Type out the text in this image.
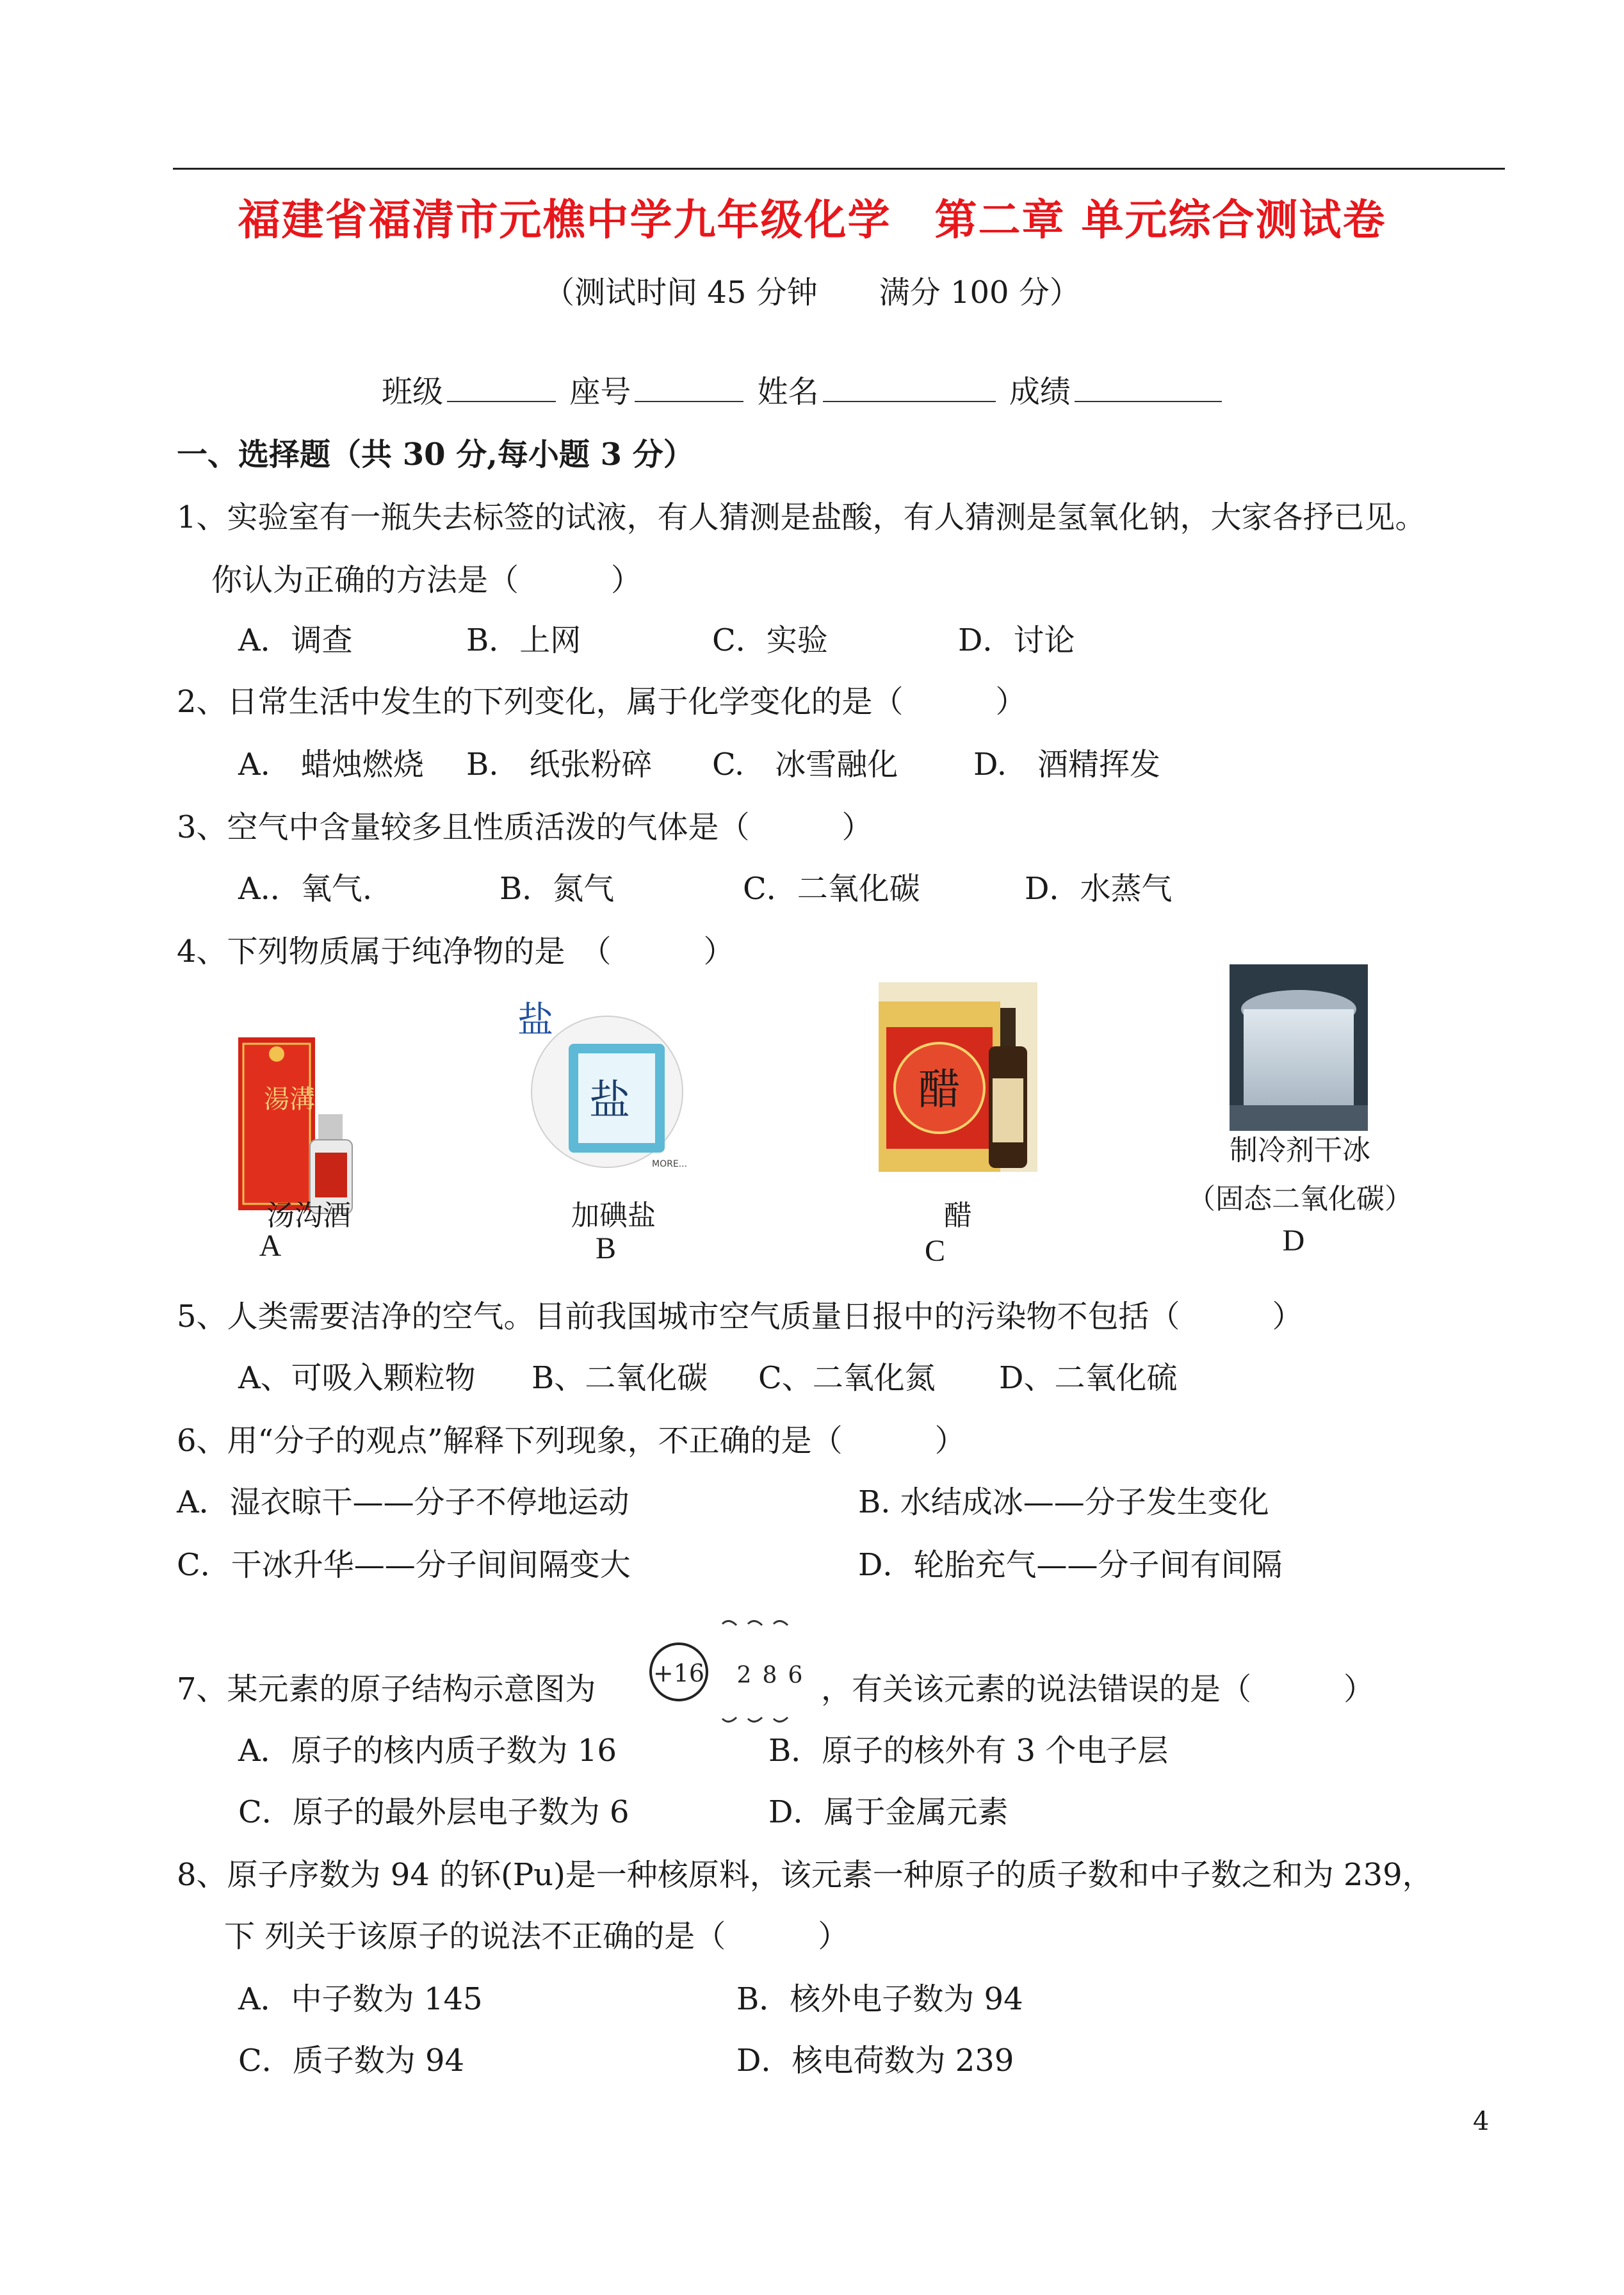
福建省福清市元樵中学九年级化学　第二章 单元综合测试卷
（测试时间 45 分钟　　满分 100 分）
班级	座号	姓名	成绩
一、选择题（共 30 分,每小题 3 分）
1、实验室有一瓶失去标签的试液，有人猜测是盐酸，有人猜测是氢氧化钠，大家各抒已见。
你认为正确的方法是（　　　）
A．调查	B．上网	C．实验	D．讨论
2、日常生活中发生的下列变化，属于化学变化的是（　　　）
A.　蜡烛燃烧 B.　纸张粉碎 C.　冰雪融化 D.　酒精挥发
3、空气中含量较多且性质活泼的气体是（　　　）
A.．氧气.	B．氮气	C．二氧化碳	D．水蒸气
4、下列物质属于纯净物的是　（　　　）
湯溝
汤沟酒
A
盐
盐
MORE...
加碘盐
B
醋
醋
C
制冷剂干冰
（固态二氧化碳）
D
5、人类需要洁净的空气。目前我国城市空气质量日报中的污染物不包括（　　　）
A、可吸入颗粒物 B、二氧化碳 C、二氧化氮 D、二氧化硫
6、用“分子的观点”解释下列现象，不正确的是（　　　）
A．湿衣晾干——分子不停地运动	B. 水结成冰——分子发生变化
C．干冰升华——分子间间隔变大	D．轮胎充气——分子间有间隔
7、某元素的原子结构示意图为 +16 2 8 6 ，有关该元素的说法错误的是（　　　）
A．原子的核内质子数为 16	B．原子的核外有 3 个电子层
C．原子的最外层电子数为 6	D．属于金属元素
8、原子序数为 94 的钚(Pu)是一种核原料，该元素一种原子的质子数和中子数之和为 239，
下 列关于该原子的说法不正确的是（　　　）
A．中子数为 145	B．核外电子数为 94
C．质子数为 94	D．核电荷数为 239
4
